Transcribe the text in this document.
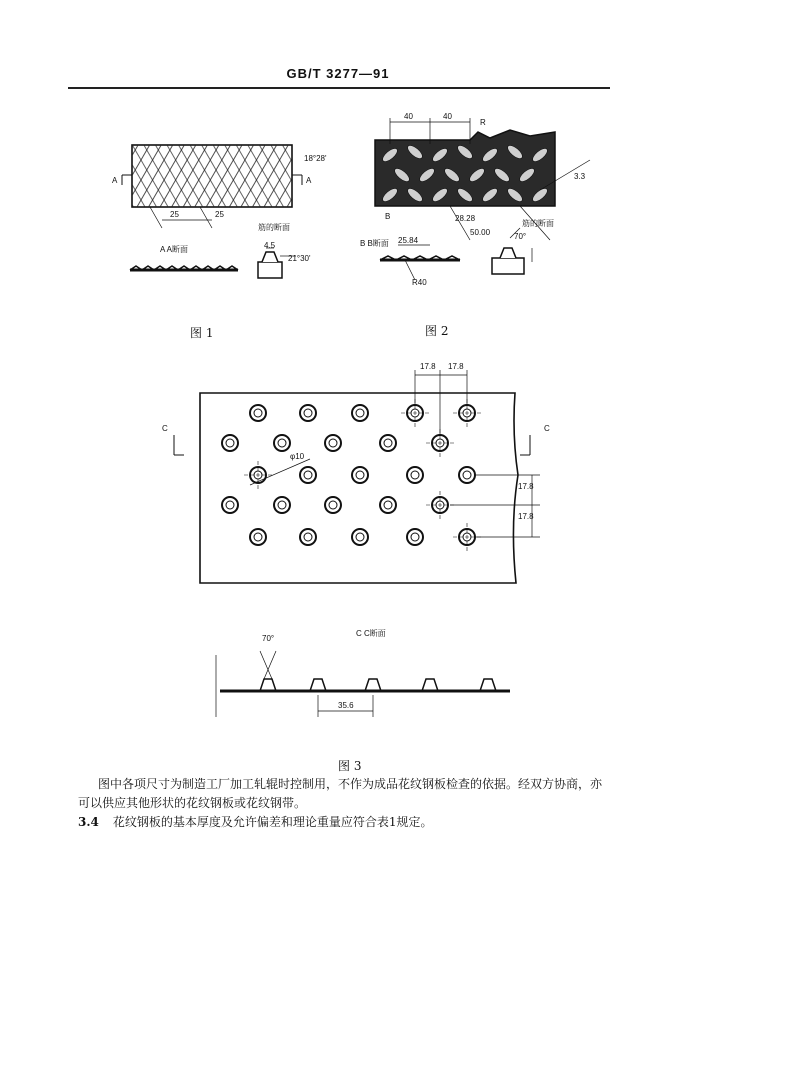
GB/T 3277—91
A	A
18°28'
25	25
筋的断面
A A断面	4.5
21°30'
图 1
40	40
R
B
3.3
28.28
50.00
筋的断面
70°
B B断面 25.84
R40
图 2
17.8 17.8
C	C
φ10
17.8
17.8
C C断面
70°
35.6
图 3
图中各项尺寸为制造工厂加工轧辊时控制用，不作为成品花纹钢板检查的依据。经双方协商，亦
可以供应其他形状的花纹钢板或花纹钢带。
3.4 花纹钢板的基本厚度及允许偏差和理论重量应符合表1规定。
